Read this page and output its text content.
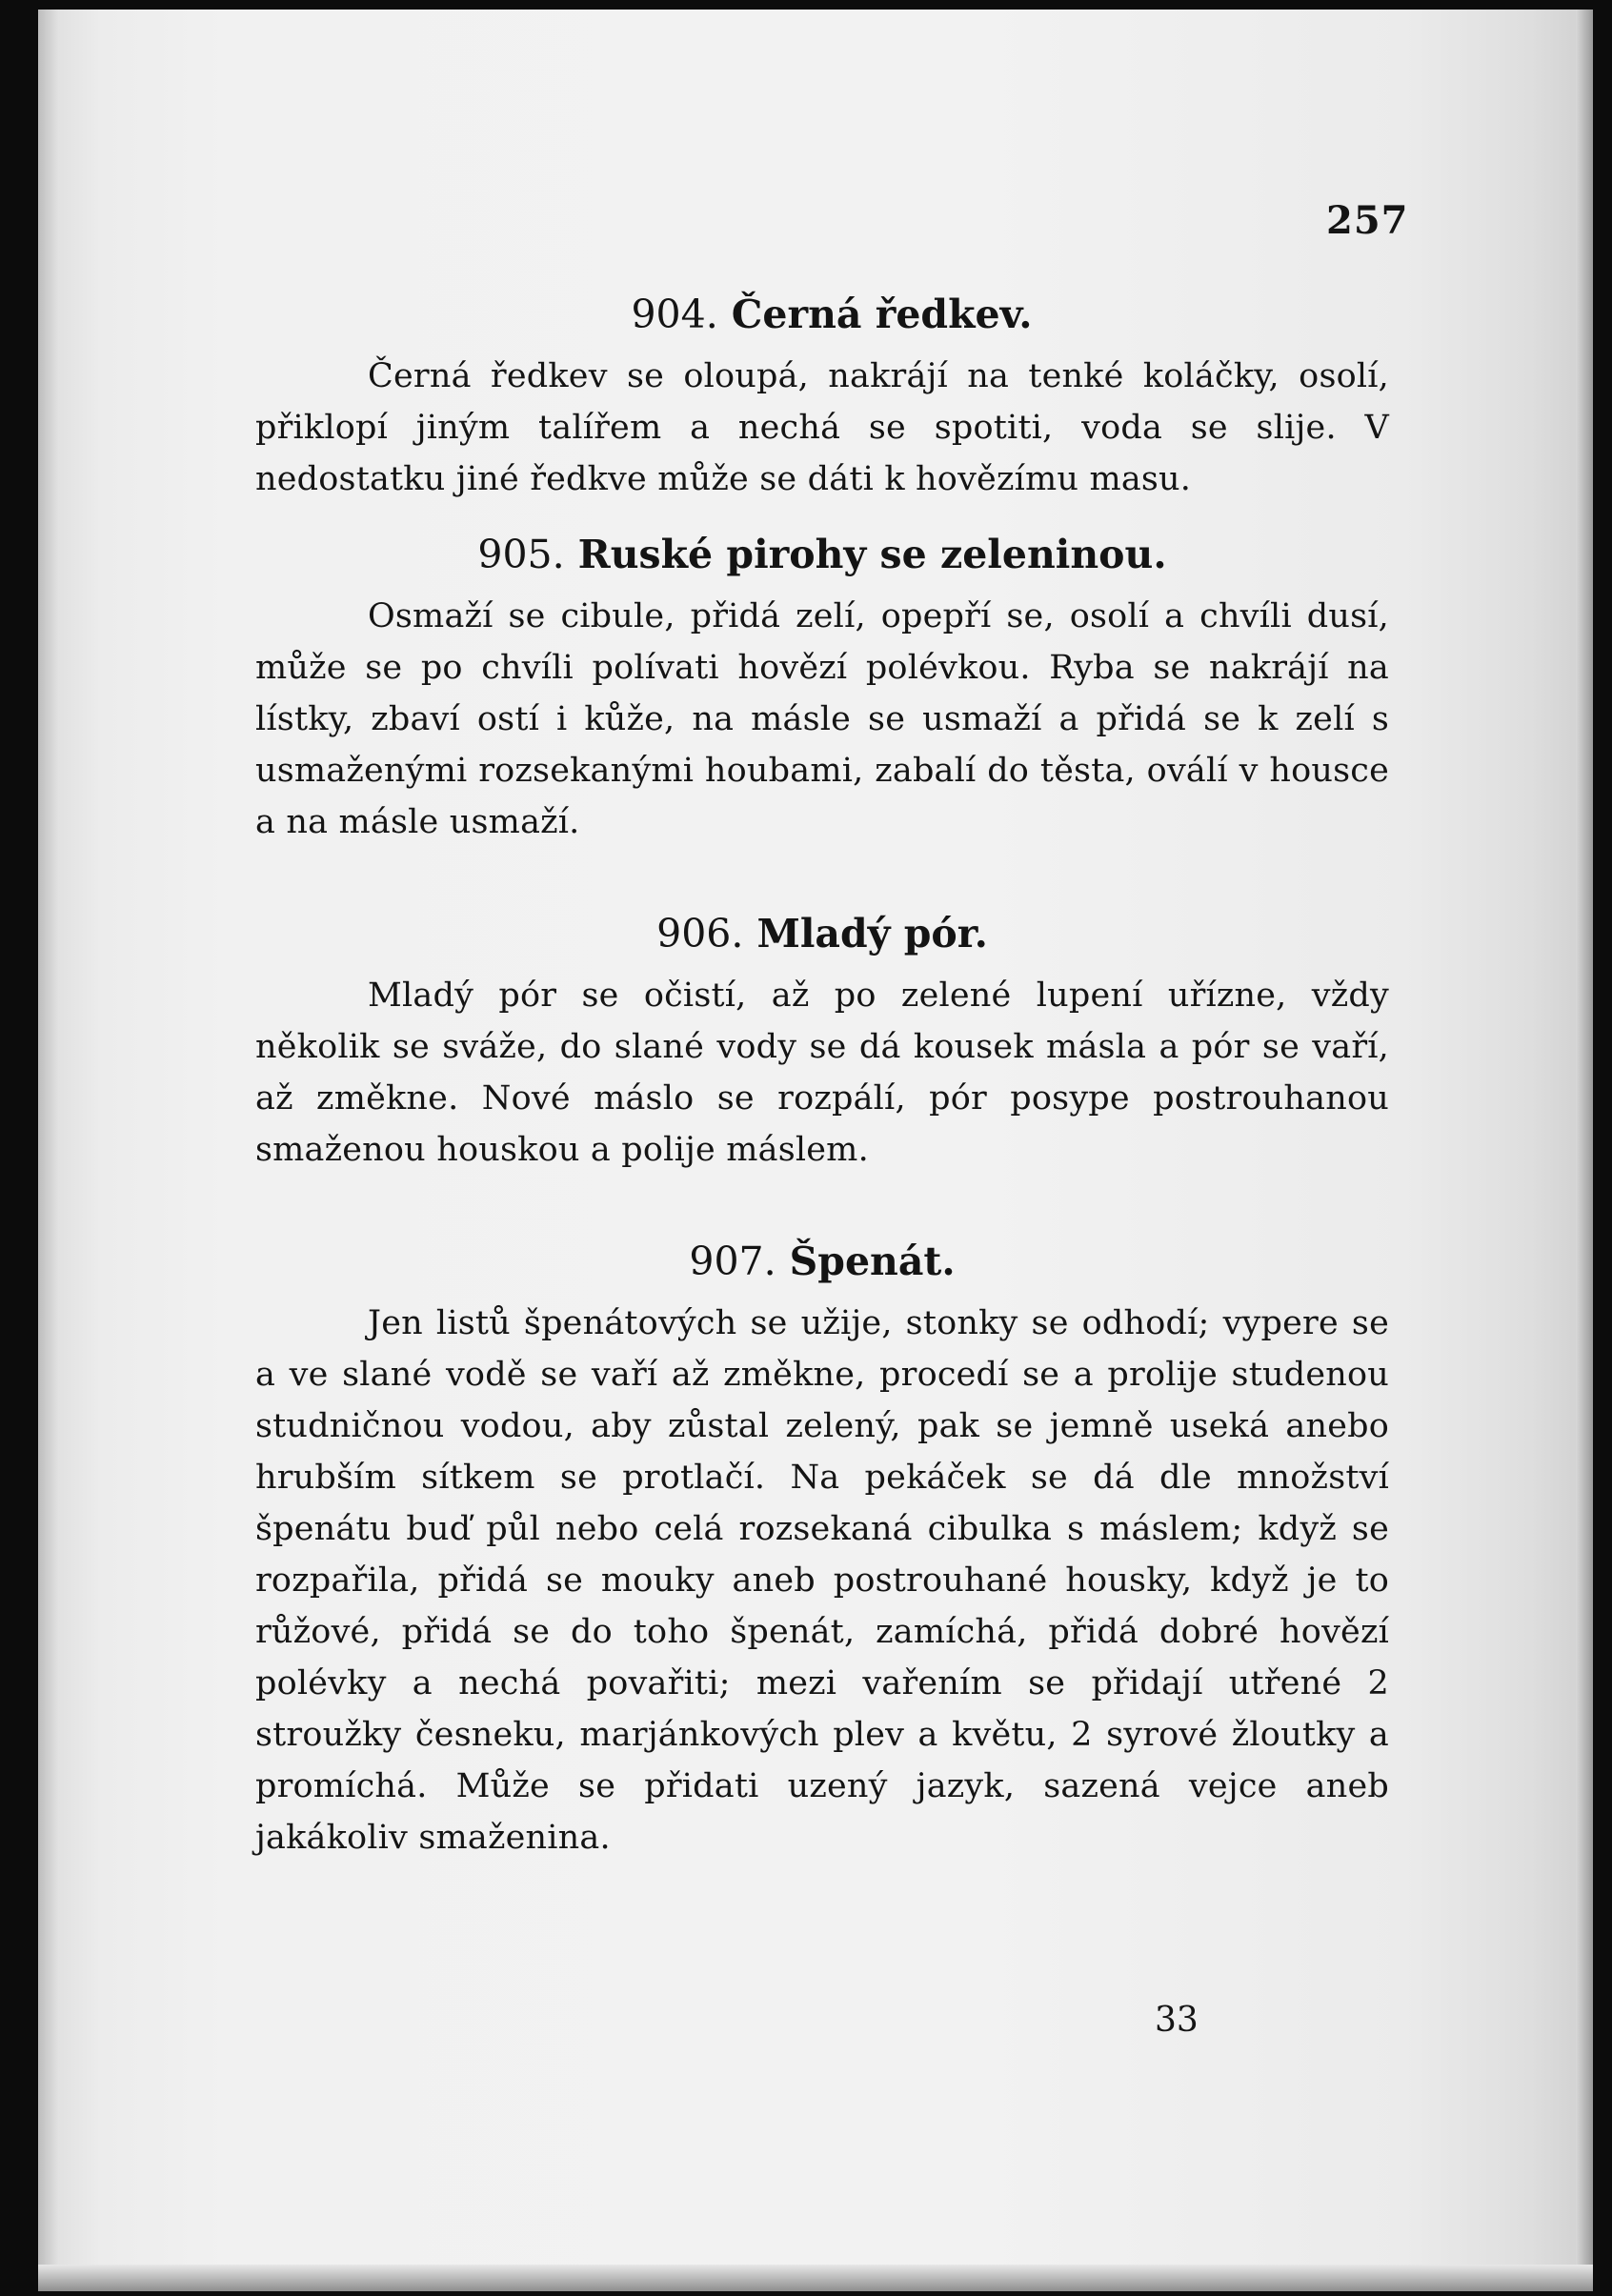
257
904. Černá ředkev.

Černá ředkev se oloupá, nakrájí na tenké koláčky, osolí, přiklopí jiným talířem a nechá se spotiti, voda se slije. V nedostatku jiné ředkve může se dáti k hovězímu masu.

905. Ruské pirohy se zeleninou.

Osmaží se cibule, přidá zelí, opepří se, osolí a chvíli dusí, může se po chvíli polívati hovězí polévkou. Ryba se nakrájí na lístky, zbaví ostí i kůže, na másle se usmaží a přidá se k zelí s usmaženými rozsekanými houbami, zabalí do těsta, oválí v housce a na másle usmaží.

906. Mladý pór.

Mladý pór se očistí, až po zelené lupení uřízne, vždy několik se sváže, do slané vody se dá kousek másla a pór se vaří, až změkne. Nové máslo se rozpálí, pór posype postrouhanou smaženou houskou a polije máslem.

907. Špenát.

Jen listů špenátových se užije, stonky se odhodí; vypere se a ve slané vodě se vaří až změkne, procedí se a prolije studenou studničnou vodou, aby zůstal zelený, pak se jemně useká anebo hrubším sítkem se protlačí. Na pekáček se dá dle množství špenátu buď půl nebo celá rozsekaná cibulka s máslem; když se rozpařila, přidá se mouky aneb postrouhané housky, když je to růžové, přidá se do toho špenát, zamíchá, přidá dobré hovězí polévky a nechá povařiti; mezi vařením se přidají utřené 2 stroužky česneku, marjánkových plev a květu, 2 syrové žloutky a promíchá. Může se přidati uzený jazyk, sazená vejce aneb jakákoliv smaženina.

33
